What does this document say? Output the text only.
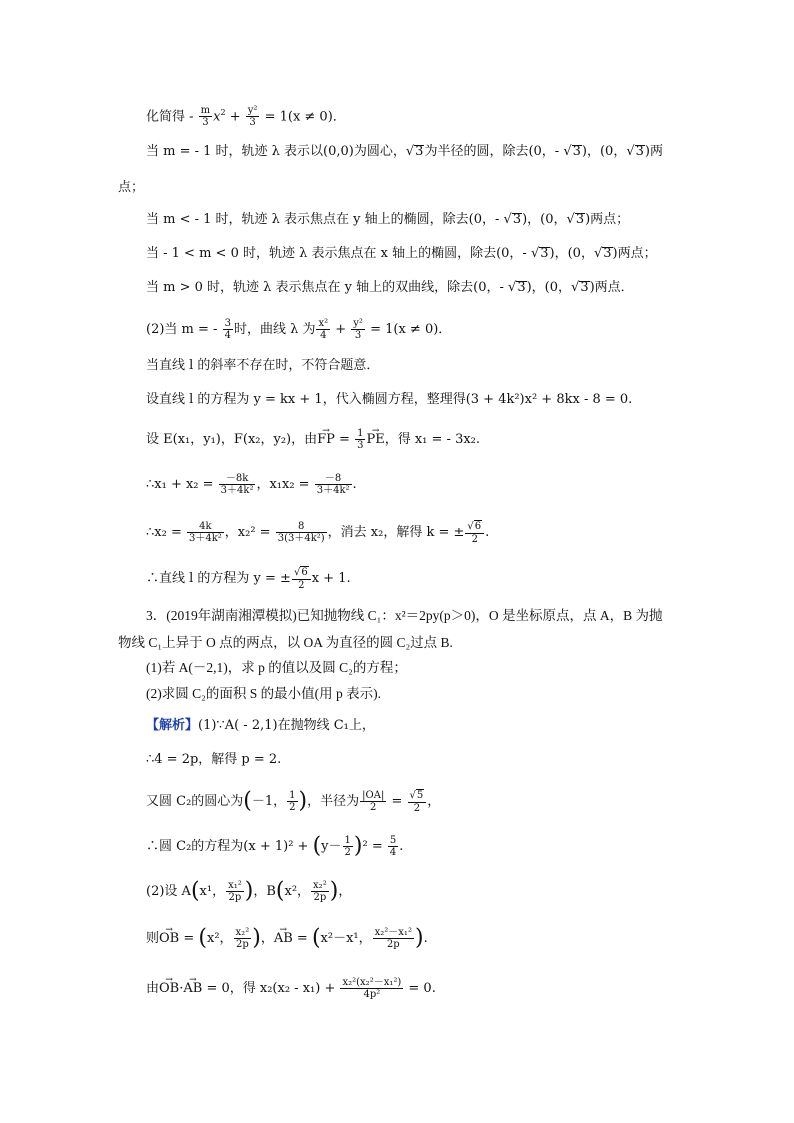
化简得 - $\frac{m}{3} x^2 + \frac{\text{y²}}{3} = 1(x \ne 0)$．
当 m = - 1 时，轨迹 λ 表示以(0,0)为圆心，√3为半径的圆，除去(0，- √3)，(0，√3)两
点；
当 m < - 1 时，轨迹 λ 表示焦点在 y 轴上的椭圆，除去(0，- √3)，(0，√3)两点；
当 - 1 < m < 0 时，轨迹 λ 表示焦点在 x 轴上的椭圆，除去(0，- √3)，(0，√3)两点；
当 m > 0 时，轨迹 λ 表示焦点在 y 轴上的双曲线，除去(0，- √3)，(0，√3)两点．
(2)当 m = - $\frac{3}{4}$ 时，曲线 λ 为 $\frac{\text{x²}}{4} + \frac{\text{y²}}{3} = 1(x \ne 0)$．
当直线 l 的斜率不存在时，不符合题意．
设直线 l 的方程为 y = kx + 1，代入椭圆方程，整理得(3 + 4k²)x² + 8kx - 8 = 0.
设 E(x₁，y₁)，F(x₂，y₂)，由→ FP = $\frac{1}{3}$
→ PE，得 x₁ = - 3x₂.
∴x₁ + $x_2 = \frac{-8k}{\text{3＋4k²}}$ ，$x_1x_2 = \frac{-8}{\text{3＋4k²}}$ .
∴x₂ = $\frac{4k}{\text{3＋4k²}}$ ，$x_2^2 = \frac{8}{\text{3(3＋4k²)}}$ ，消去 x₂，解得 k = ± $\frac{√6}{2}$ .
∴直线 l 的方程为 y = ± $\frac{√6}{2}$ x + 1.
3．(2019年湖南湘潭模拟)已知抛物线 C₁：x²＝2py(p＞0)，O 是坐标原点，点 A，B 为抛
物线 C₁上异于 O 点的两点，以 OA 为直径的圆 C₂过点 B.
(1)若 A(－2,1)，求 p 的值以及圆 C₂的方程；
(2)求圆 C₂的面积 S 的最小值(用 p 表示).
【解析】(1)∵A( - 2,1)在抛物线 C₁上，
∴4 = 2p，解得 p = 2.
又圆 C₂的圆心为(－1， $\frac{1}{2}$ )，半径为 $\frac{|OA|}{2} = \frac{√5}{2}$ ，
∴圆 C₂的方程为$(x + 1)^2 + (y- \frac{1}{2} )^2 = \frac{5}{4}$ .
(2)设 A(x¹， $\frac{\text{x₁²}}{2p}$ )，B(x²， $\frac{\text{x₂²}}{2p}$ )，
则→ OB = (x²， $\frac{\text{x₂²}}{2p}$ )，→ AB = (x²－x¹， $\frac{\text{x₂²－x₁²}}{2p}$ ).
由→ OB·→ AB = 0，得 $x_2(x_2 - x_1) + \frac{\text{x₂²(x₂²－x₁²)}}{\text{4p²}} = 0$.
